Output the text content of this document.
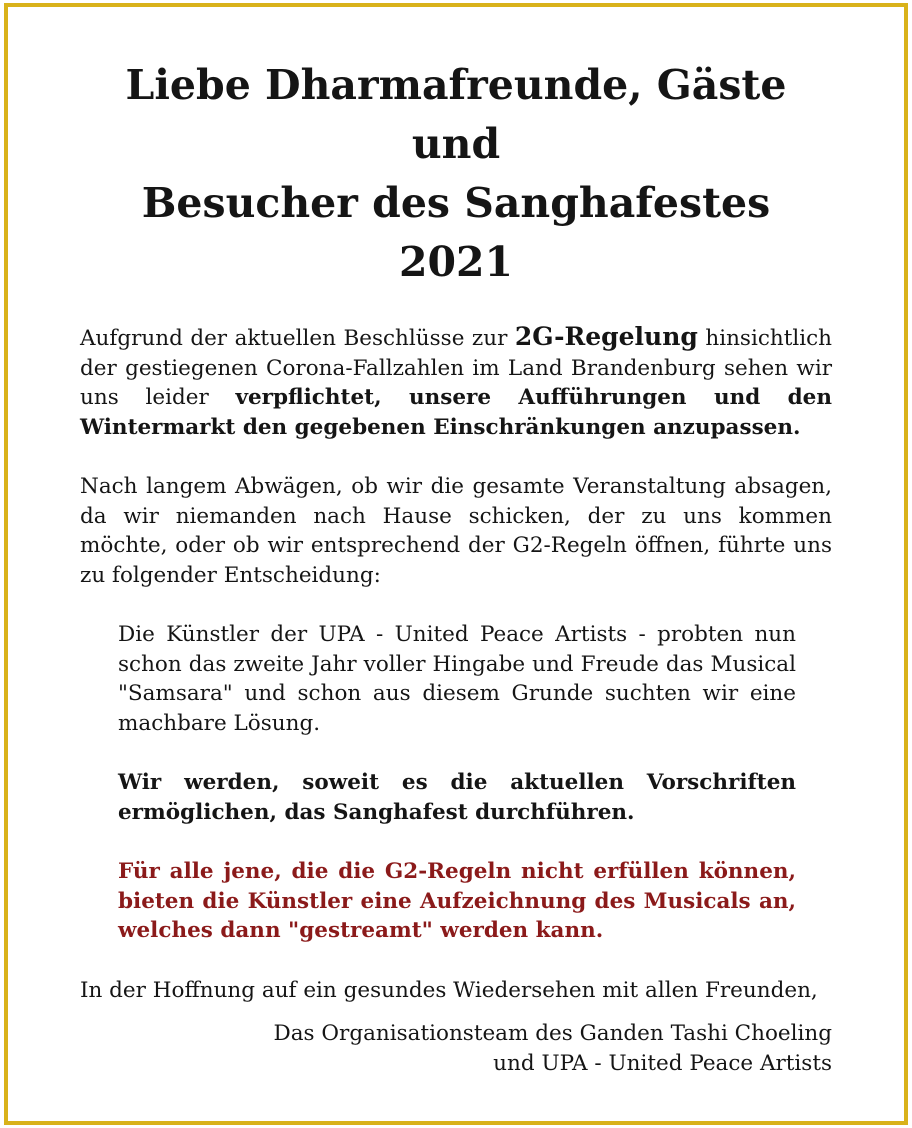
Liebe Dharmafreunde, Gäste und
Besucher des Sanghafestes 2021

Aufgrund der aktuellen Beschlüsse zur 2G-Regelung hinsichtlich der gestiegenen Corona-Fallzahlen im Land Brandenburg sehen wir uns leider verpflichtet, unsere Aufführungen und den Wintermarkt den gegebenen Einschränkungen anzupassen.

Nach langem Abwägen, ob wir die gesamte Veranstaltung absagen, da wir niemanden nach Hause schicken, der zu uns kommen möchte, oder ob wir entsprechend der G2-Regeln öffnen, führte uns zu folgender Entscheidung:

Die Künstler der UPA - United Peace Artists - probten nun schon das zweite Jahr voller Hingabe und Freude das Musical "Samsara" und schon aus diesem Grunde suchten wir eine machbare Lösung.

Wir werden, soweit es die aktuellen Vorschriften ermöglichen, das Sanghafest durchführen.

Für alle jene, die die G2-Regeln nicht erfüllen können, bieten die Künstler eine Aufzeichnung des Musicals an, welches dann "gestreamt" werden kann.

In der Hoffnung auf ein gesundes Wiedersehen mit allen Freunden,

Das Organisationsteam des Ganden Tashi Choeling
und UPA - United Peace Artists
